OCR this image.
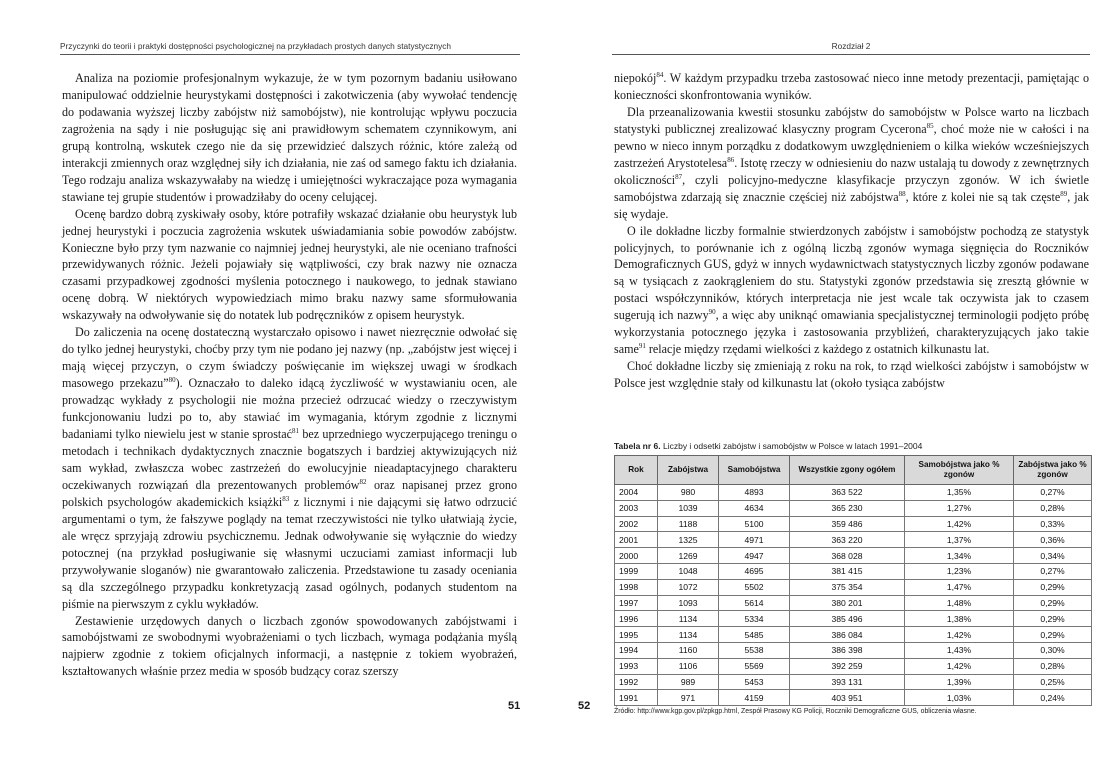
Przyczynki do teorii i praktyki dostępności psychologicznej na przykładach prostych danych statystycznych

Analiza na poziomie profesjonalnym wykazuje, że w tym pozornym badaniu usiłowano manipulować oddzielnie heurystykami dostępności i zakotwiczenia (aby wywołać tendencję do podawania wyższej liczby zabójstw niż samobójstw), nie kontrolując wpływu poczucia zagrożenia na sądy i nie posługując się ani prawidłowym schematem czynnikowym, ani grupą kontrolną, wskutek czego nie da się przewidzieć dalszych różnic, które zależą od interakcji zmiennych oraz względnej siły ich działania, nie zaś od samego faktu ich działania. Tego rodzaju analiza wskazywałaby na wiedzę i umiejętności wykraczające poza wymagania stawiane tej grupie studentów i prowadziłaby do oceny celującej.

Ocenę bardzo dobrą zyskiwały osoby, które potrafiły wskazać działanie obu heurystyk lub jednej heurystyki i poczucia zagrożenia wskutek uświadamiania sobie powodów zabójstw. Konieczne było przy tym nazwanie co najmniej jednej heurystyki, ale nie oceniano trafności przewidywanych różnic. Jeżeli pojawiały się wątpliwości, czy brak nazwy nie oznacza czasami przypadkowej zgodności myślenia potocznego i naukowego, to jednak stawiano ocenę dobrą. W niektórych wypowiedziach mimo braku nazwy same sformułowania wskazywały na odwoływanie się do notatek lub podręczników z opisem heurystyk.

Do zaliczenia na ocenę dostateczną wystarczało opisowo i nawet niezręcznie odwołać się do tylko jednej heurystyki, choćby przy tym nie podano jej nazwy (np. „zabójstw jest więcej i mają więcej przyczyn, o czym świadczy poświęcanie im większej uwagi w środkach masowego przekazu”$^{80}$). Oznaczało to daleko idącą życzliwość w wystawianiu ocen, ale prowadząc wykłady z psychologii nie można przecież odrzucać wiedzy o rzeczywistym funkcjonowaniu ludzi po to, aby stawiać im wymagania, którym zgodnie z licznymi badaniami tylko niewielu jest w stanie sprostać$^{81}$ bez uprzedniego wyczerpującego treningu o metodach i technikach dydaktycznych znacznie bogatszych i bardziej aktywizujących niż sam wykład, zwłaszcza wobec zastrzeżeń do ewolucyjnie nieadaptacyjnego charakteru oczekiwanych rozwiązań dla prezentowanych problemów$^{82}$ oraz napisanej przez grono polskich psychologów akademickich książki$^{83}$ z licznymi i nie dającymi się łatwo odrzucić argumentami o tym, że fałszywe poglądy na temat rzeczywistości nie tylko ułatwiają życie, ale wręcz sprzyjają zdrowiu psychicznemu. Jednak odwoływanie się wyłącznie do wiedzy potocznej (na przykład posługiwanie się własnymi uczuciami zamiast informacji lub przywoływanie sloganów) nie gwarantowało zaliczenia. Przedstawione tu zasady oceniania są dla szczególnego przypadku konkretyzacją zasad ogólnych, podanych studentom na piśmie na pierwszym z cyklu wykładów.

Zestawienie urzędowych danych o liczbach zgonów spowodowanych zabójstwami i samobójstwami ze swobodnymi wyobrażeniami o tych liczbach, wymaga podążania myślą najpierw zgodnie z tokiem oficjalnych informacji, a następnie z tokiem wyobrażeń, kształtowanych właśnie przez media w sposób budzący coraz szerszy

51
Rozdział 2

niepokój$^{84}$. W każdym przypadku trzeba zastosować nieco inne metody prezentacji, pamiętając o konieczności skonfrontowania wyników.

Dla przeanalizowania kwestii stosunku zabójstw do samobójstw w Polsce warto na liczbach statystyki publicznej zrealizować klasyczny program Cycerona$^{85}$, choć może nie w całości i na pewno w nieco innym porządku z dodatkowym uwzględnieniem o kilka wieków wcześniejszych zastrzeżeń Arystotelesa$^{86}$. Istotę rzeczy w odniesieniu do nazw ustalają tu dowody z zewnętrznych okoliczności$^{87}$, czyli policyjno-medyczne klasyfikacje przyczyn zgonów. W ich świetle samobójstwa zdarzają się znacznie częściej niż zabójstwa$^{88}$, które z kolei nie są tak częste$^{89}$, jak się wydaje.

O ile dokładne liczby formalnie stwierdzonych zabójstw i samobójstw pochodzą ze statystyk policyjnych, to porównanie ich z ogólną liczbą zgonów wymaga sięgnięcia do Roczników Demograficznych GUS, gdyż w innych wydawnictwach statystycznych liczby zgonów podawane są w tysiącach z zaokrągleniem do stu. Statystyki zgonów przedstawia się zresztą głównie w postaci współczynników, których interpretacja nie jest wcale tak oczywista jak to czasem sugerują ich nazwy$^{90}$, a więc aby uniknąć omawiania specjalistycznej terminologii podjęto próbę wykorzystania potocznego języka i zastosowania przybliżeń, charakteryzujących jako takie same$^{91}$ relacje między rzędami wielkości z każdego z ostatnich kilkunastu lat.

Choć dokładne liczby się zmieniają z roku na rok, to rząd wielkości zabójstw i samobójstw w Polsce jest względnie stały od kilkunastu lat (około tysiąca zabójstw

Tabela nr 6. Liczby i odsetki zabójstw i samobójstw w Polsce w latach 1991–2004
Rok	Zabójstwa	Samobójstwa	Wszystkie zgony ogółem	Samobójstwa jako % zgonów	Zabójstwa jako % zgonów
2004	980	4893	363 522	1,35%	0,27%
2003	1039	4634	365 230	1,27%	0,28%
2002	1188	5100	359 486	1,42%	0,33%
2001	1325	4971	363 220	1,37%	0,36%
2000	1269	4947	368 028	1,34%	0,34%
1999	1048	4695	381 415	1,23%	0,27%
1998	1072	5502	375 354	1,47%	0,29%
1997	1093	5614	380 201	1,48%	0,29%
1996	1134	5334	385 496	1,38%	0,29%
1995	1134	5485	386 084	1,42%	0,29%
1994	1160	5538	386 398	1,43%	0,30%
1993	1106	5569	392 259	1,42%	0,28%
1992	989	5453	393 131	1,39%	0,25%
1991	971	4159	403 951	1,03%	0,24%
Źródło: http://www.kgp.gov.pl/zpkgp.html, Zespół Prasowy KG Policji, Roczniki Demograficzne GUS, obliczenia własne.
52
